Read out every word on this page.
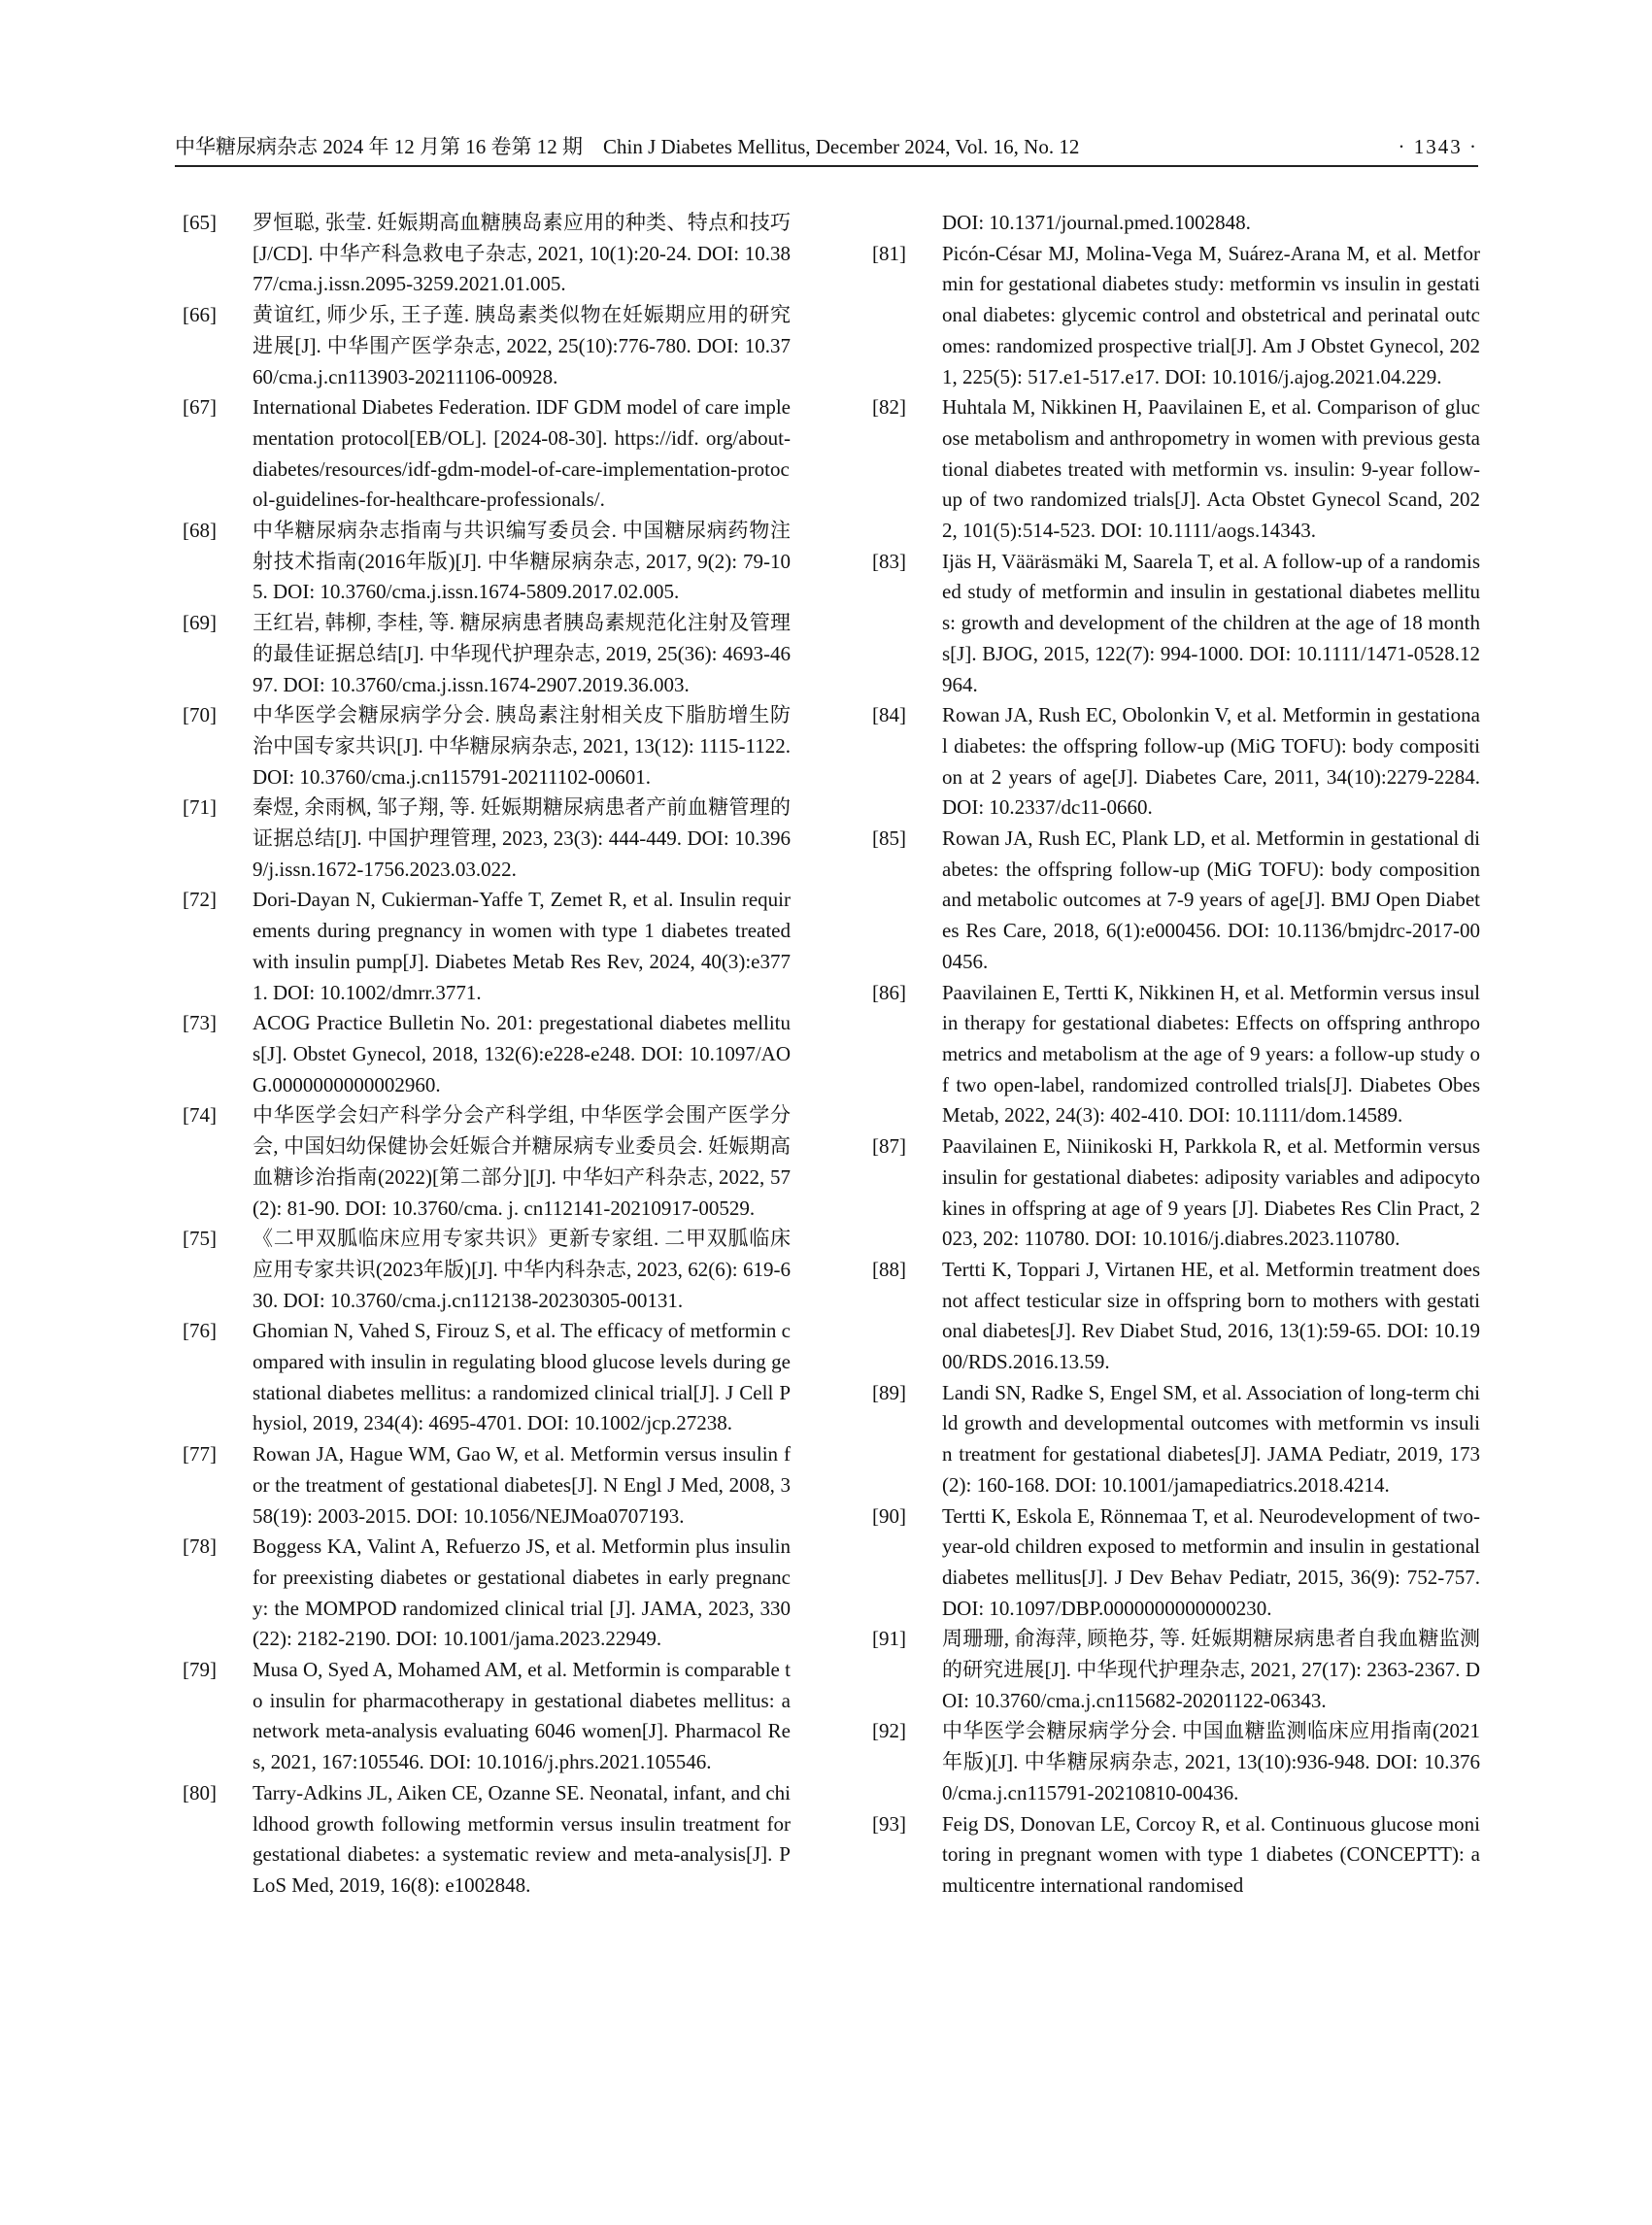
中华糖尿病杂志 2024 年 12 月第 16 卷第 12 期　Chin J Diabetes Mellitus, December 2024, Vol. 16, No. 12	· 1343 ·
[65] 罗恒聪, 张莹. 妊娠期高血糖胰岛素应用的种类、特点和技巧[J/CD]. 中华产科急救电子杂志, 2021, 10(1):20-24. DOI: 10.3877/cma.j.issn.2095-3259.2021.01.005.
[66] 黄谊红, 师少乐, 王子莲. 胰岛素类似物在妊娠期应用的研究进展[J]. 中华围产医学杂志, 2022, 25(10):776-780. DOI: 10.3760/cma.j.cn113903-20211106-00928.
[67] International Diabetes Federation. IDF GDM model of care implementation protocol[EB/OL]. [2024-08-30]. https://idf. org/about-diabetes/resources/idf-gdm-model-of-care-implementation-protocol-guidelines-for-healthcare-professionals/.
[68] 中华糖尿病杂志指南与共识编写委员会. 中国糖尿病药物注射技术指南(2016年版)[J]. 中华糖尿病杂志, 2017, 9(2): 79-105. DOI: 10.3760/cma.j.issn.1674-5809.2017.02.005.
[69] 王红岩, 韩柳, 李桂, 等. 糖尿病患者胰岛素规范化注射及管理的最佳证据总结[J]. 中华现代护理杂志, 2019, 25(36): 4693-4697. DOI: 10.3760/cma.j.issn.1674-2907.2019.36.003.
[70] 中华医学会糖尿病学分会. 胰岛素注射相关皮下脂肪增生防治中国专家共识[J]. 中华糖尿病杂志, 2021, 13(12): 1115-1122. DOI: 10.3760/cma.j.cn115791-20211102-00601.
[71] 秦煜, 余雨枫, 邹子翔, 等. 妊娠期糖尿病患者产前血糖管理的证据总结[J]. 中国护理管理, 2023, 23(3): 444-449. DOI: 10.3969/j.issn.1672-1756.2023.03.022.
[72] Dori-Dayan N, Cukierman-Yaffe T, Zemet R, et al. Insulin requirements during pregnancy in women with type 1 diabetes treated with insulin pump[J]. Diabetes Metab Res Rev, 2024, 40(3):e3771. DOI: 10.1002/dmrr.3771.
[73] ACOG Practice Bulletin No. 201: pregestational diabetes mellitus[J]. Obstet Gynecol, 2018, 132(6):e228-e248. DOI: 10.1097/AOG.0000000000002960.
[74] 中华医学会妇产科学分会产科学组, 中华医学会围产医学分会, 中国妇幼保健协会妊娠合并糖尿病专业委员会. 妊娠期高血糖诊治指南(2022)[第二部分][J]. 中华妇产科杂志, 2022, 57(2): 81-90. DOI: 10.3760/cma. j. cn112141-20210917-00529.
[75] 《二甲双胍临床应用专家共识》更新专家组. 二甲双胍临床应用专家共识(2023年版)[J]. 中华内科杂志, 2023, 62(6): 619-630. DOI: 10.3760/cma.j.cn112138-20230305-00131.
[76] Ghomian N, Vahed S, Firouz S, et al. The efficacy of metformin compared with insulin in regulating blood glucose levels during gestational diabetes mellitus: a randomized clinical trial[J]. J Cell Physiol, 2019, 234(4): 4695-4701. DOI: 10.1002/jcp.27238.
[77] Rowan JA, Hague WM, Gao W, et al. Metformin versus insulin for the treatment of gestational diabetes[J]. N Engl J Med, 2008, 358(19): 2003-2015. DOI: 10.1056/NEJMoa0707193.
[78] Boggess KA, Valint A, Refuerzo JS, et al. Metformin plus insulin for preexisting diabetes or gestational diabetes in early pregnancy: the MOMPOD randomized clinical trial [J]. JAMA, 2023, 330(22): 2182-2190. DOI: 10.1001/jama.2023.22949.
[79] Musa O, Syed A, Mohamed AM, et al. Metformin is comparable to insulin for pharmacotherapy in gestational diabetes mellitus: a network meta-analysis evaluating 6046 women[J]. Pharmacol Res, 2021, 167:105546. DOI: 10.1016/j.phrs.2021.105546.
[80] Tarry-Adkins JL, Aiken CE, Ozanne SE. Neonatal, infant, and childhood growth following metformin versus insulin treatment for gestational diabetes: a systematic review and meta-analysis[J]. PLoS Med, 2019, 16(8): e1002848.
DOI: 10.1371/journal.pmed.1002848.
[81] Picón-César MJ, Molina-Vega M, Suárez-Arana M, et al. Metformin for gestational diabetes study: metformin vs insulin in gestational diabetes: glycemic control and obstetrical and perinatal outcomes: randomized prospective trial[J]. Am J Obstet Gynecol, 2021, 225(5): 517.e1-517.e17. DOI: 10.1016/j.ajog.2021.04.229.
[82] Huhtala M, Nikkinen H, Paavilainen E, et al. Comparison of glucose metabolism and anthropometry in women with previous gestational diabetes treated with metformin vs. insulin: 9-year follow-up of two randomized trials[J]. Acta Obstet Gynecol Scand, 2022, 101(5):514-523. DOI: 10.1111/aogs.14343.
[83] Ijäs H, Vääräsmäki M, Saarela T, et al. A follow-up of a randomised study of metformin and insulin in gestational diabetes mellitus: growth and development of the children at the age of 18 months[J]. BJOG, 2015, 122(7): 994-1000. DOI: 10.1111/1471-0528.12964.
[84] Rowan JA, Rush EC, Obolonkin V, et al. Metformin in gestational diabetes: the offspring follow-up (MiG TOFU): body composition at 2 years of age[J]. Diabetes Care, 2011, 34(10):2279-2284. DOI: 10.2337/dc11-0660.
[85] Rowan JA, Rush EC, Plank LD, et al. Metformin in gestational diabetes: the offspring follow-up (MiG TOFU): body composition and metabolic outcomes at 7-9 years of age[J]. BMJ Open Diabetes Res Care, 2018, 6(1):e000456. DOI: 10.1136/bmjdrc-2017-000456.
[86] Paavilainen E, Tertti K, Nikkinen H, et al. Metformin versus insulin therapy for gestational diabetes: Effects on offspring anthropometrics and metabolism at the age of 9 years: a follow-up study of two open-label, randomized controlled trials[J]. Diabetes Obes Metab, 2022, 24(3): 402-410. DOI: 10.1111/dom.14589.
[87] Paavilainen E, Niinikoski H, Parkkola R, et al. Metformin versus insulin for gestational diabetes: adiposity variables and adipocytokines in offspring at age of 9 years [J]. Diabetes Res Clin Pract, 2023, 202: 110780. DOI: 10.1016/j.diabres.2023.110780.
[88] Tertti K, Toppari J, Virtanen HE, et al. Metformin treatment does not affect testicular size in offspring born to mothers with gestational diabetes[J]. Rev Diabet Stud, 2016, 13(1):59-65. DOI: 10.1900/RDS.2016.13.59.
[89] Landi SN, Radke S, Engel SM, et al. Association of long-term child growth and developmental outcomes with metformin vs insulin treatment for gestational diabetes[J]. JAMA Pediatr, 2019, 173(2): 160-168. DOI: 10.1001/jamapediatrics.2018.4214.
[90] Tertti K, Eskola E, Rönnemaa T, et al. Neurodevelopment of two-year-old children exposed to metformin and insulin in gestational diabetes mellitus[J]. J Dev Behav Pediatr, 2015, 36(9): 752-757. DOI: 10.1097/DBP.0000000000000230.
[91] 周珊珊, 俞海萍, 顾艳芬, 等. 妊娠期糖尿病患者自我血糖监测的研究进展[J]. 中华现代护理杂志, 2021, 27(17): 2363-2367. DOI: 10.3760/cma.j.cn115682-20201122-06343.
[92] 中华医学会糖尿病学分会. 中国血糖监测临床应用指南(2021年版)[J]. 中华糖尿病杂志, 2021, 13(10):936-948. DOI: 10.3760/cma.j.cn115791-20210810-00436.
[93] Feig DS, Donovan LE, Corcoy R, et al. Continuous glucose monitoring in pregnant women with type 1 diabetes (CONCEPTT): a multicentre international randomised
